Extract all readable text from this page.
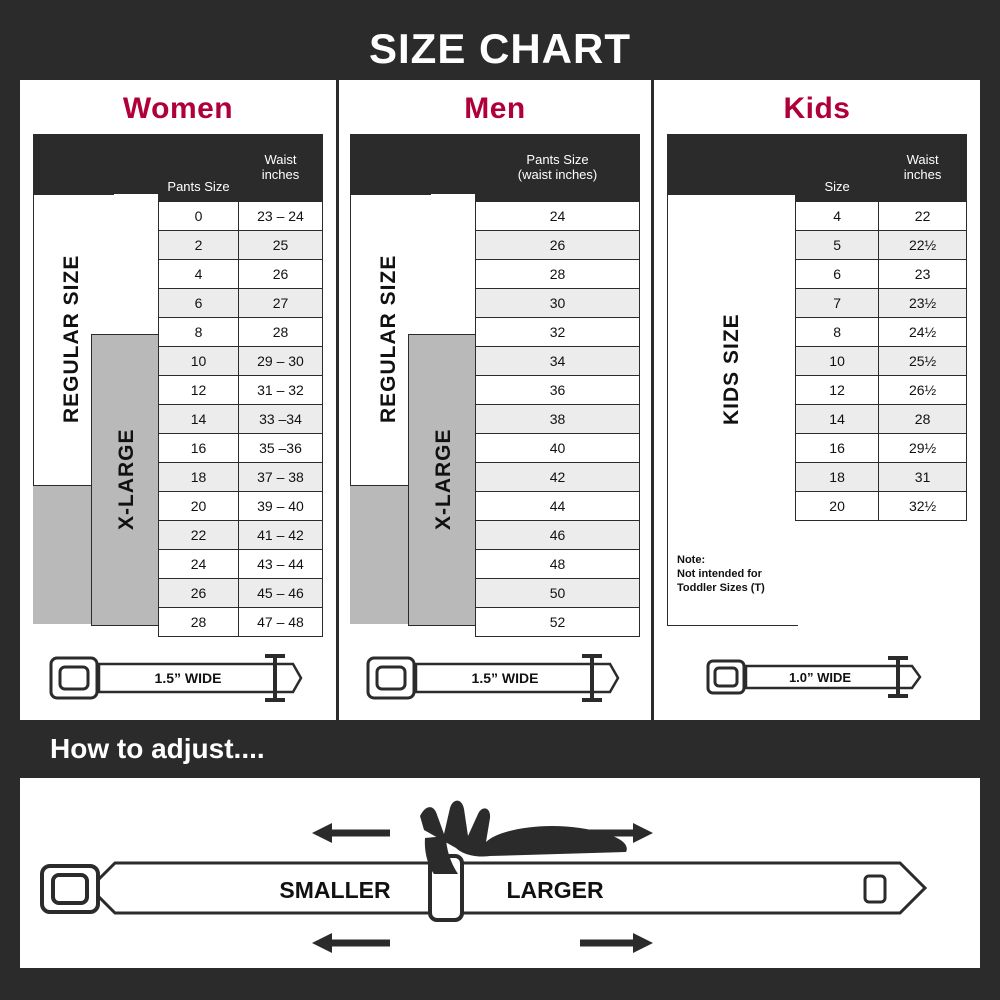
SIZE CHART
Women
REGULAR SIZE
X-LARGE
Pants Size	Waist
inches
0	23 – 24
2	25
4	26
6	27
8	28
10	29 – 30
12	31 – 32
14	33 –34
16	35 –36
18	37 – 38
20	39 – 40
22	41 – 42
24	43 – 44
26	45 – 46
28	47 – 48
1.5” WIDE
Men
REGULAR SIZE
X-LARGE
Pants Size
(waist inches)
24
26
28
30
32
34
36
38
40
42
44
46
48
50
52
1.5” WIDE
Kids
KIDS SIZE
Note:
Not intended for
Toddler Sizes (T)
Size	Waist
inches
4	22
5	22½
6	23
7	23½
8	24½
10	25½
12	26½
14	28
16	29½
18	31
20	32½
1.0” WIDE
How to adjust....
SMALLER	LARGER
